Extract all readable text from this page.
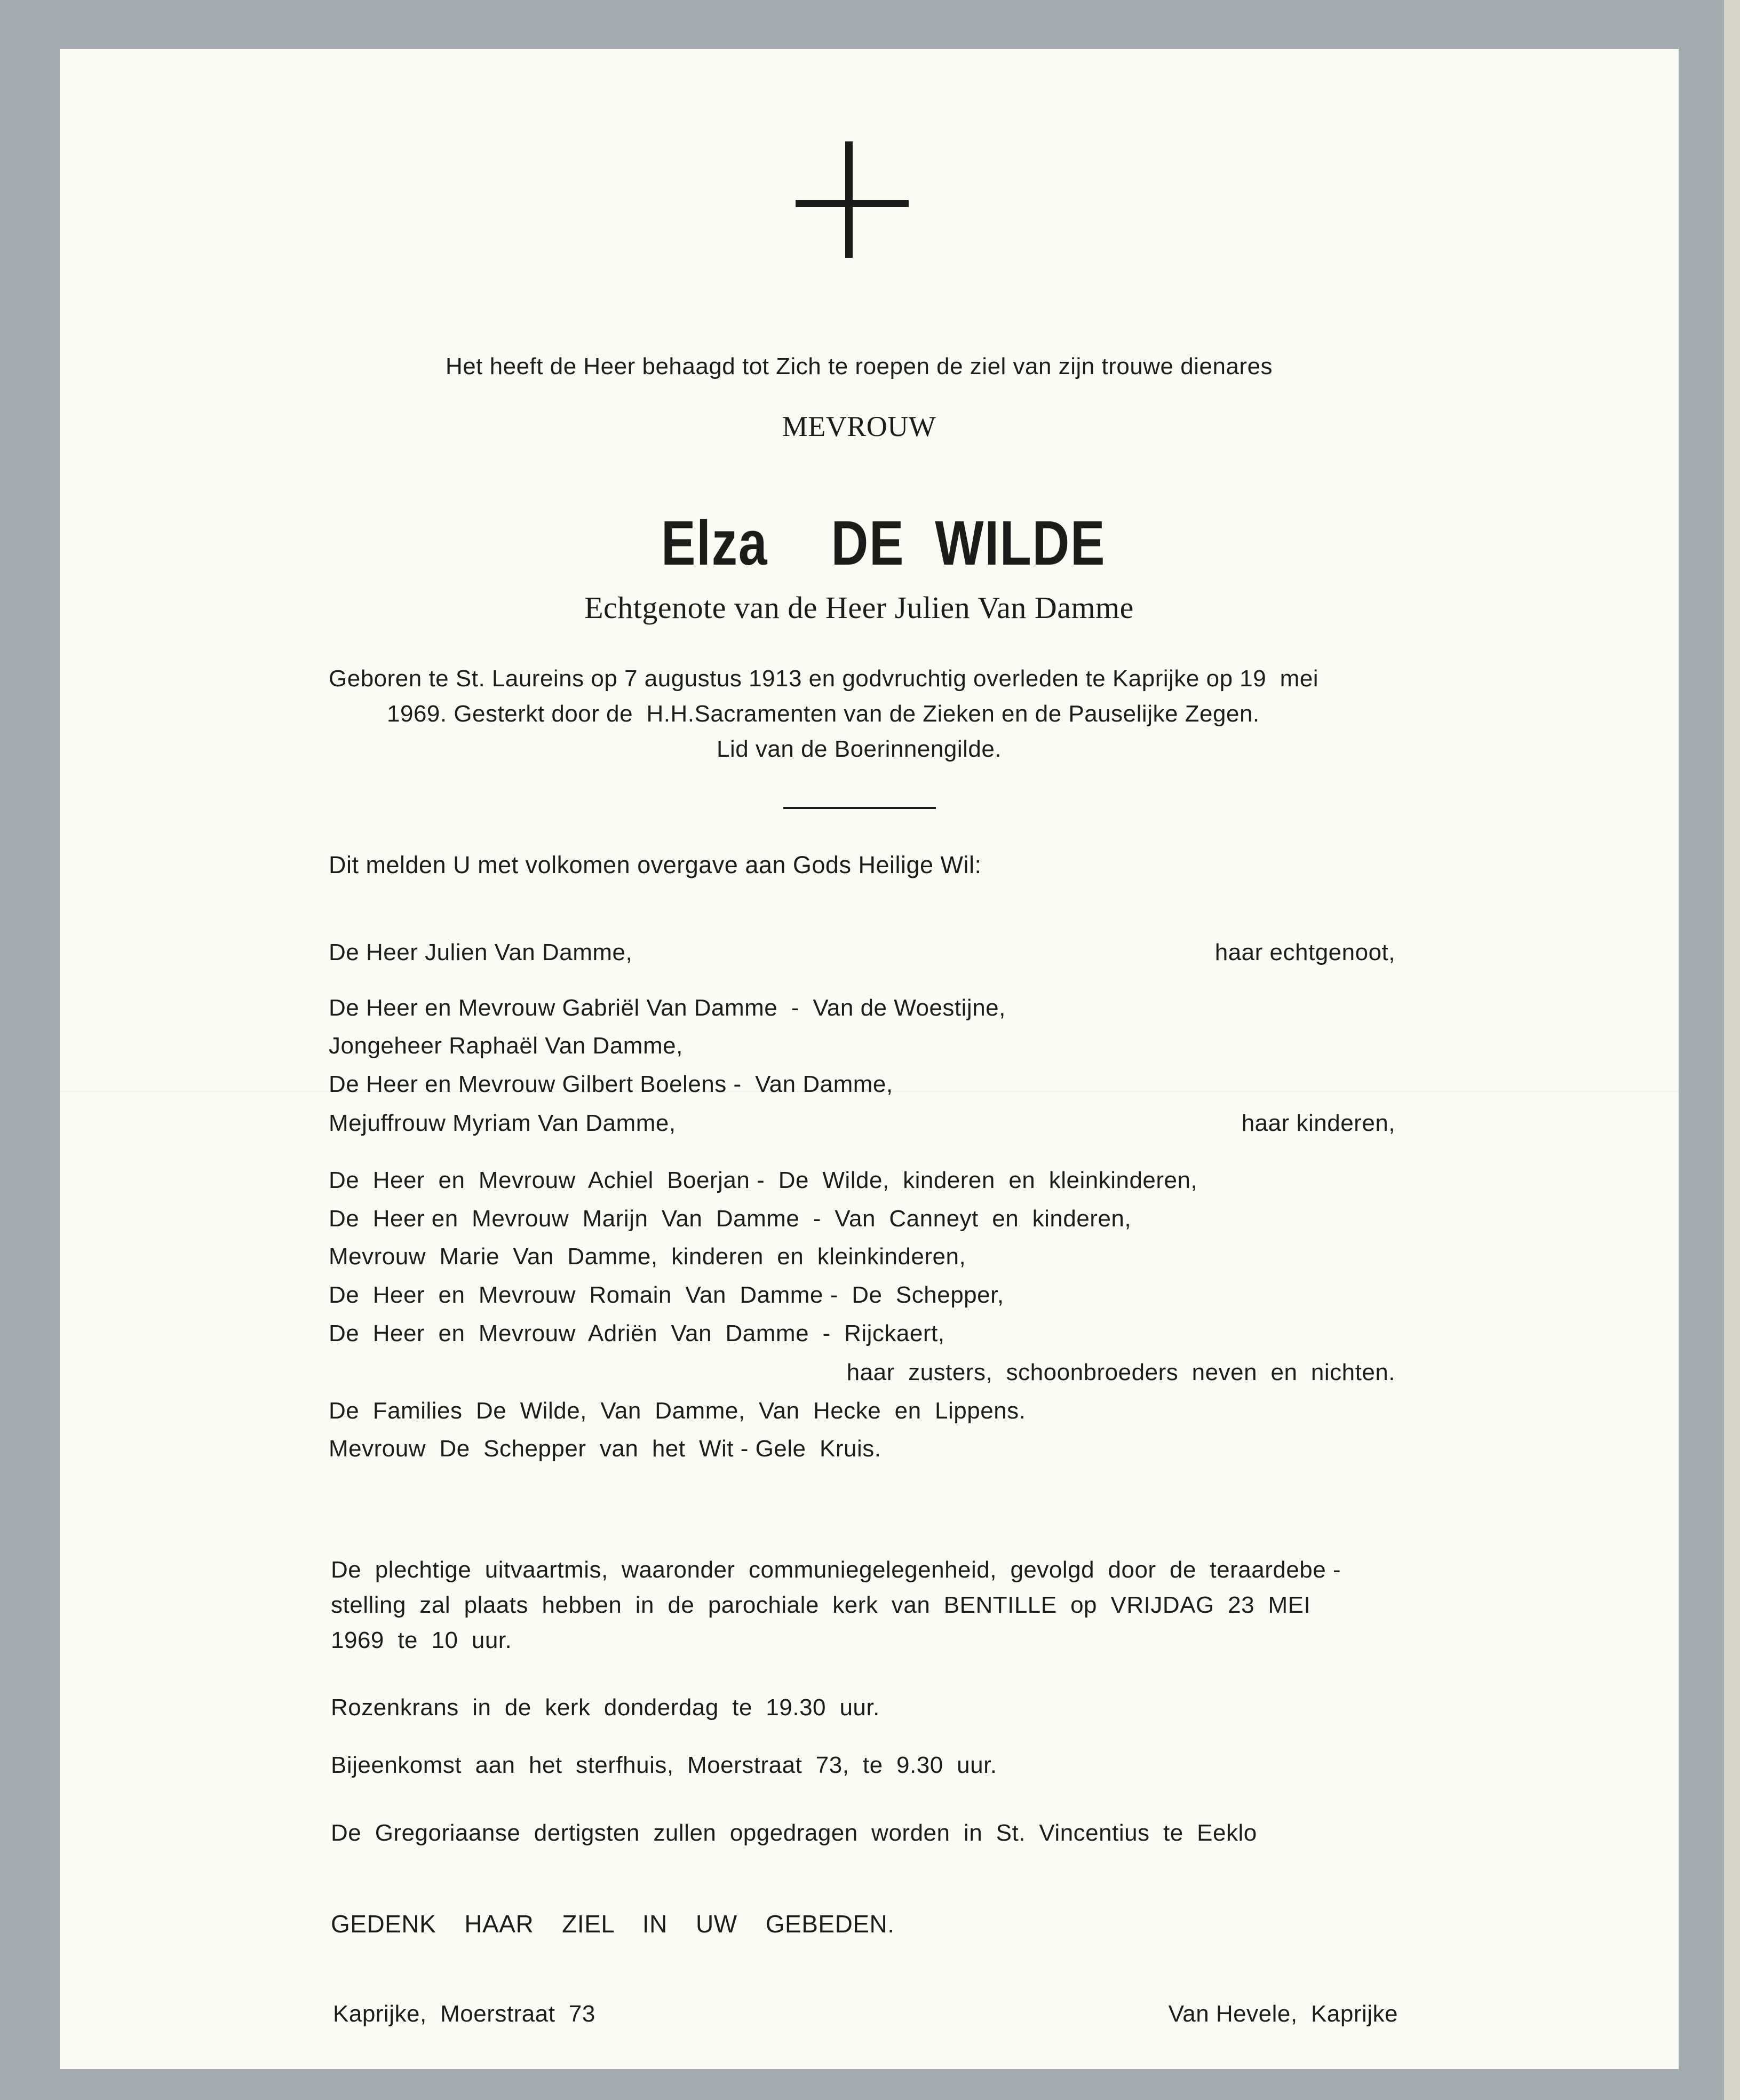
Het heeft de Heer behaagd tot Zich te roepen de ziel van zijn trouwe dienares
MEVROUW

Elza DE  WILDE

Echtgenote van de Heer Julien Van Damme
Geboren te St. Laureins op 7 augustus 1913 en godvruchtig overleden te Kaprijke op 19  mei
1969. Gesterkt door de  H.H.Sacramenten van de Zieken en de Pauselijke Zegen.
Lid van de Boerinnengilde.
Dit melden U met volkomen overgave aan Gods Heilige Wil:
De Heer Julien Van Damme,	haar echtgenoot,
De Heer en Mevrouw Gabriël Van Damme  -  Van de Woestijne,
Jongeheer Raphaël Van Damme,
De Heer en Mevrouw Gilbert Boelens -  Van Damme,
Mejuffrouw Myriam Van Damme,	haar kinderen,
De  Heer  en  Mevrouw  Achiel  Boerjan -  De  Wilde,  kinderen  en  kleinkinderen,
De  Heer en  Mevrouw  Marijn  Van  Damme  -  Van  Canneyt  en  kinderen,
Mevrouw  Marie  Van  Damme,  kinderen  en  kleinkinderen,
De  Heer  en  Mevrouw  Romain  Van  Damme -  De  Schepper,
De  Heer  en  Mevrouw  Adriën  Van  Damme  -  Rijckaert,
haar  zusters,  schoonbroeders  neven  en  nichten.
De  Families  De  Wilde,  Van  Damme,  Van  Hecke  en  Lippens.
Mevrouw  De  Schepper  van  het  Wit - Gele  Kruis.
De  plechtige  uitvaartmis,  waaronder  communiegelegenheid,  gevolgd  door  de  teraardebe -
stelling  zal  plaats  hebben  in  de  parochiale  kerk  van  BENTILLE  op  VRIJDAG  23  MEI
1969  te  10  uur.
Rozenkrans  in  de  kerk  donderdag  te  19.30  uur.
Bijeenkomst  aan  het  sterfhuis,  Moerstraat  73,  te  9.30  uur.
De  Gregoriaanse  dertigsten  zullen  opgedragen  worden  in  St.  Vincentius  te  Eeklo
GEDENK    HAAR    ZIEL    IN    UW    GEBEDEN.
Kaprijke,  Moerstraat  73	Van Hevele,  Kaprijke
